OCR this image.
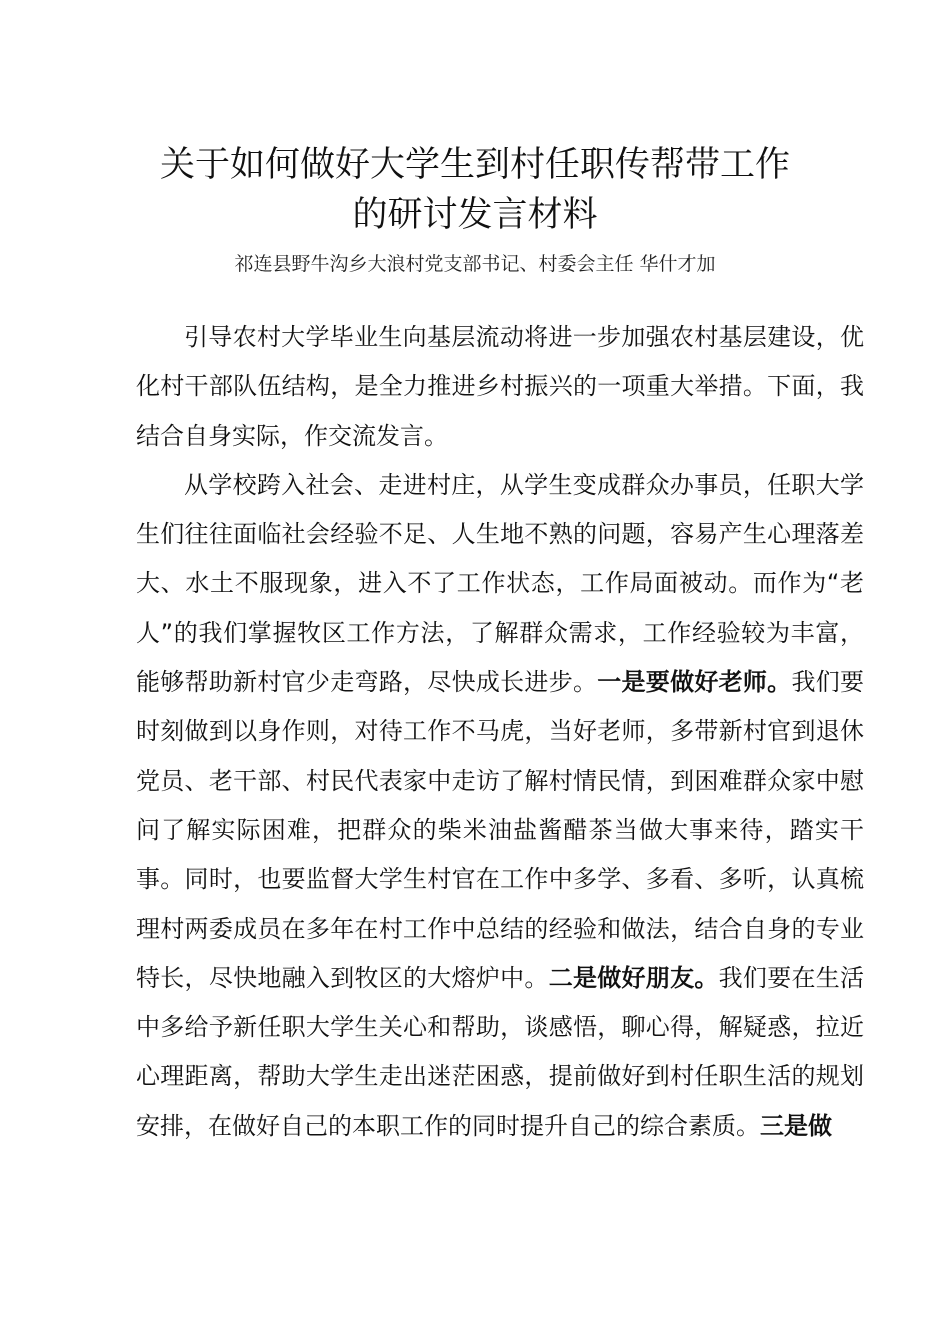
关于如何做好大学生到村任职传帮带工作
的研讨发言材料
祁连县野牛沟乡大浪村党支部书记、村委会主任 华什才加

引导农村大学毕业生向基层流动将进一步加强农村基层建设，优化村干部队伍结构，是全力推进乡村振兴的一项重大举措。下面，我结合自身实际，作交流发言。

从学校跨入社会、走进村庄，从学生变成群众办事员，任职大学生们往往面临社会经验不足、人生地不熟的问题，容易产生心理落差大、水土不服现象，进入不了工作状态，工作局面被动。而作为“老人”的我们掌握牧区工作方法，了解群众需求，工作经验较为丰富，能够帮助新村官少走弯路，尽快成长进步。一是要做好老师。我们要时刻做到以身作则，对待工作不马虎，当好老师，多带新村官到退休党员、老干部、村民代表家中走访了解村情民情，到困难群众家中慰问了解实际困难，把群众的柴米油盐酱醋茶当做大事来待，踏实干事。同时，也要监督大学生村官在工作中多学、多看、多听，认真梳理村两委成员在多年在村工作中总结的经验和做法，结合自身的专业特长，尽快地融入到牧区的大熔炉中。二是做好朋友。我们要在生活中多给予新任职大学生关心和帮助，谈感悟，聊心得，解疑惑，拉近心理距离，帮助大学生走出迷茫困惑，提前做好到村任职生活的规划安排，在做好自己的本职工作的同时提升自己的综合素质。三是做
